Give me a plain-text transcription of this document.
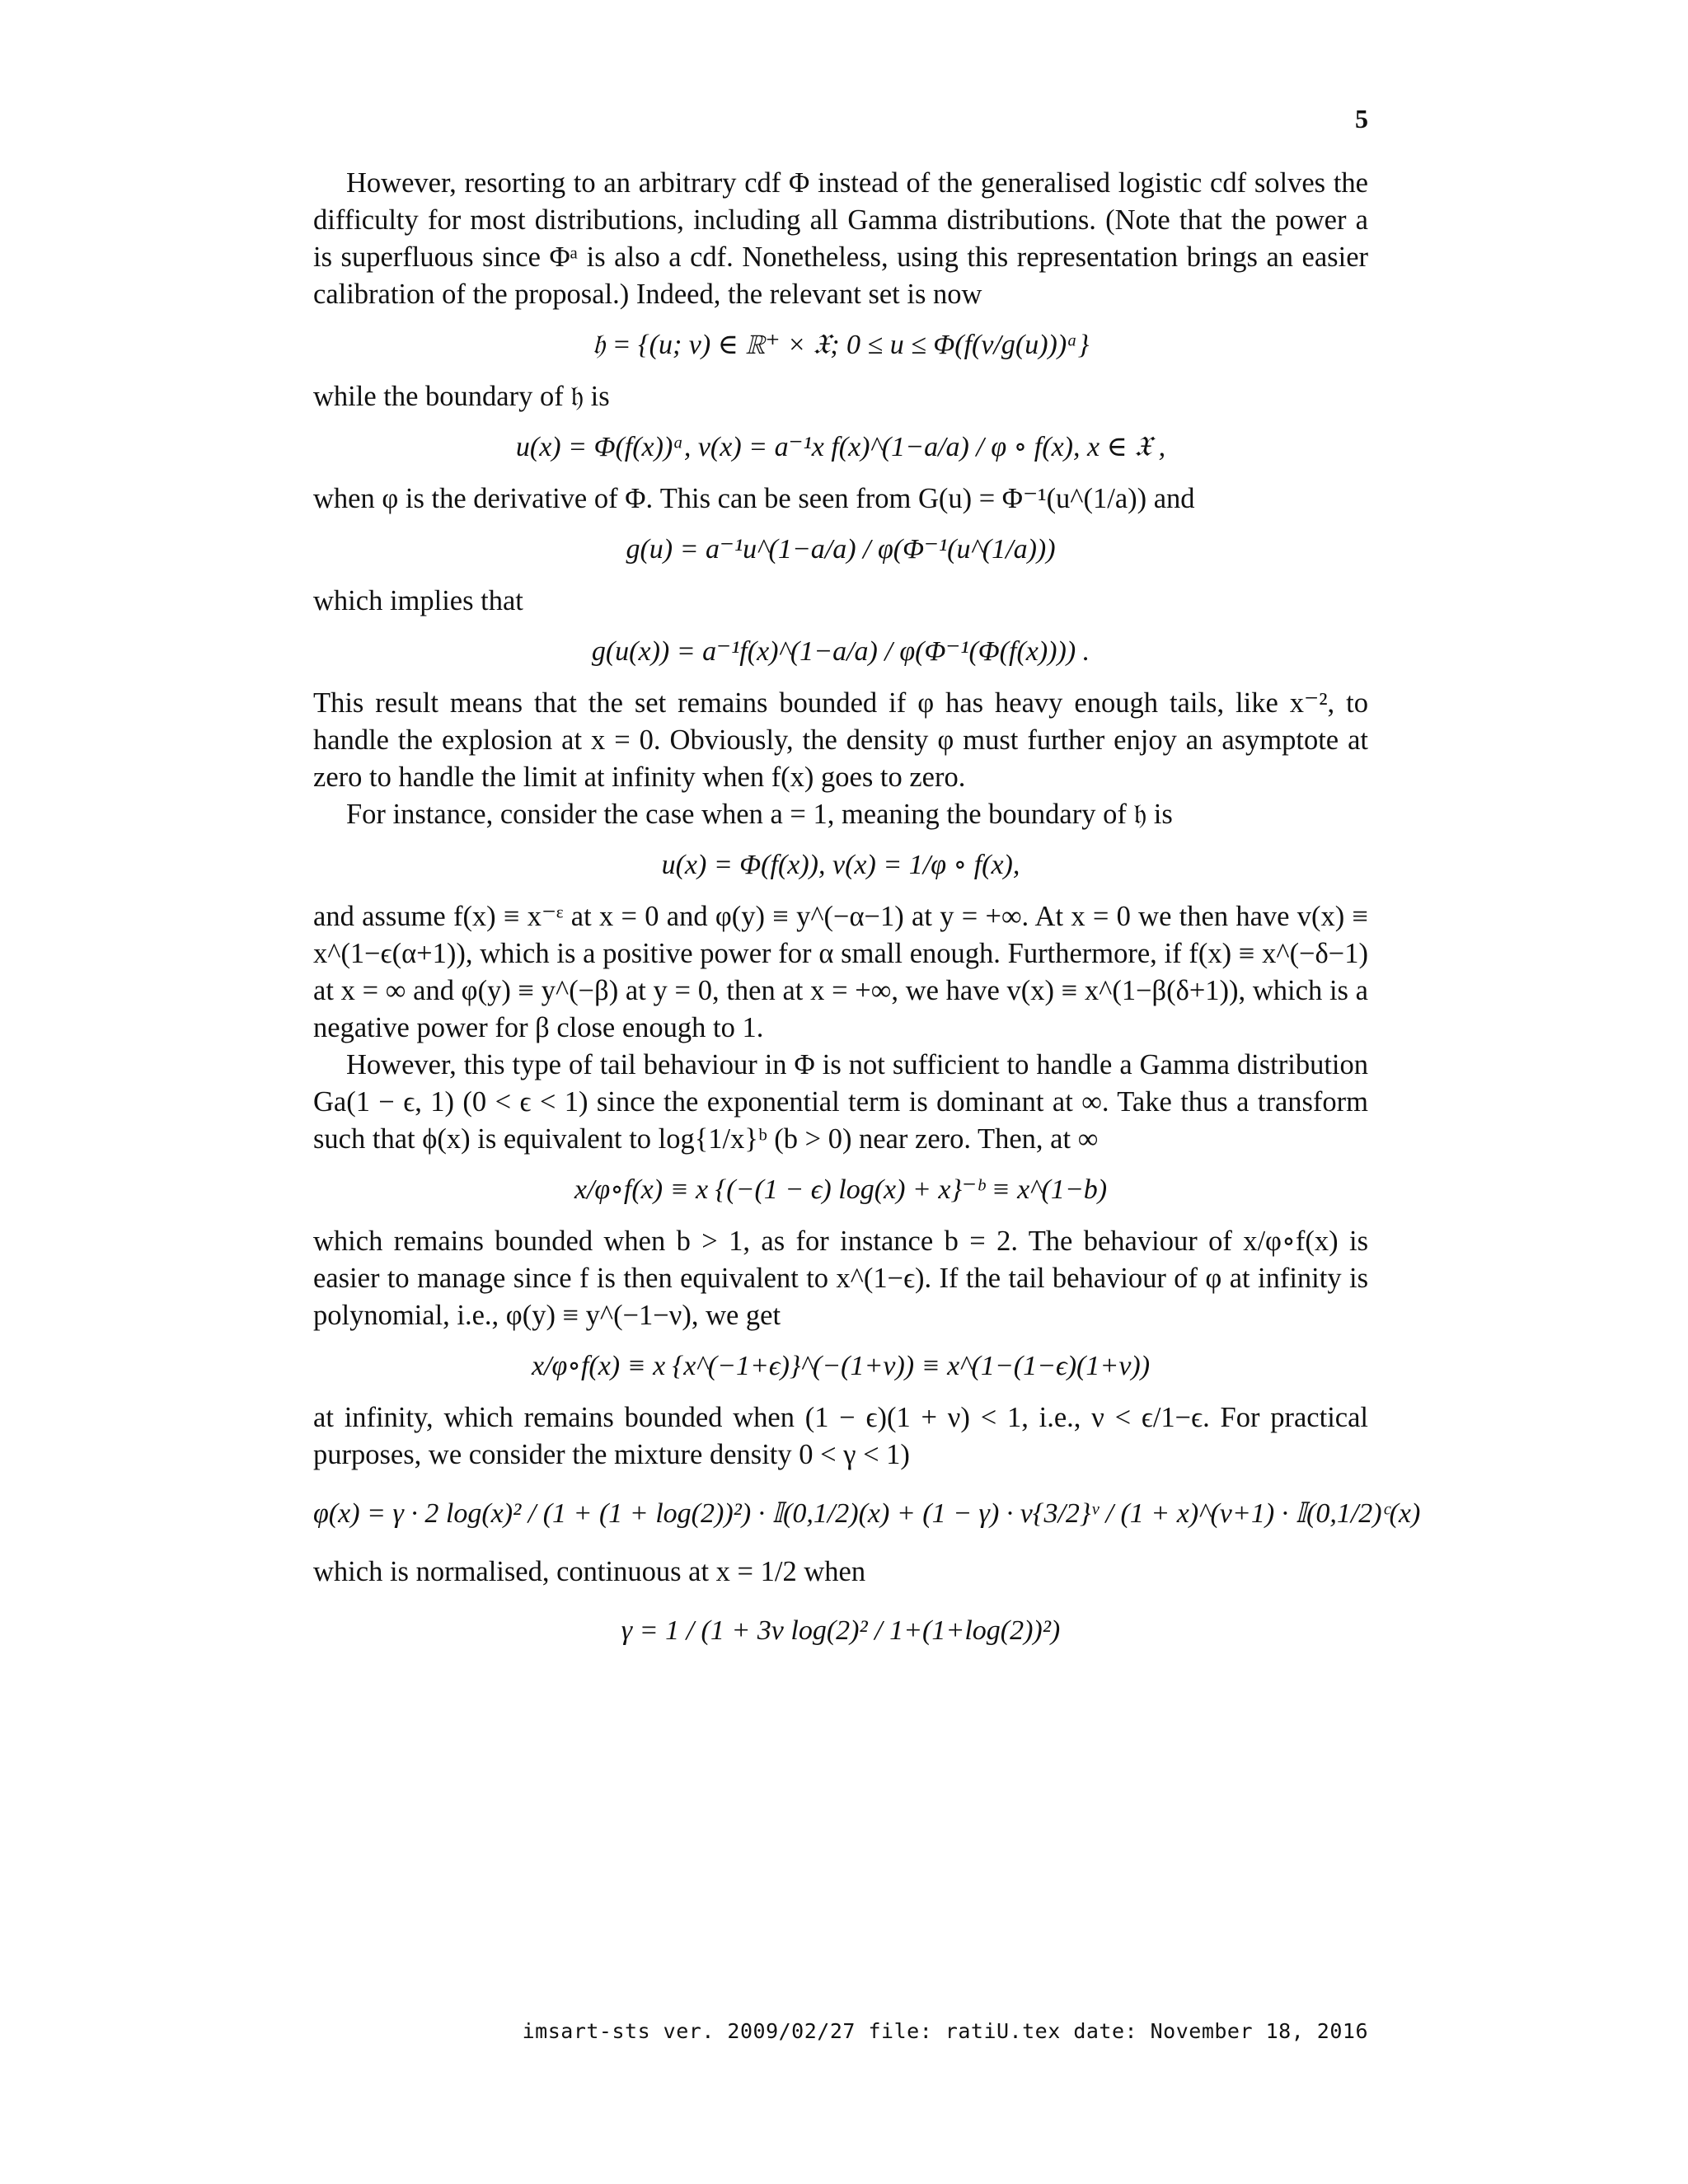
5

However, resorting to an arbitrary cdf Φ instead of the generalised logistic cdf solves the difficulty for most distributions, including all Gamma distributions. (Note that the power a is superfluous since Φᵃ is also a cdf. Nonetheless, using this representation brings an easier calibration of the proposal.) Indeed, the relevant set is now

𝔥 = {(u; v) ∈ ℝ⁺ × 𝔛; 0 ≤ u ≤ Φ(f(v/g(u)))ᵃ}

while the boundary of 𝔥 is

u(x) = Φ(f(x))ᵃ, v(x) = a⁻¹x f(x)^(1−a/a) / φ ∘ f(x), x ∈ 𝔛 ,

when φ is the derivative of Φ. This can be seen from G(u) = Φ⁻¹(u^(1/a)) and

g(u) = a⁻¹u^(1−a/a) / φ(Φ⁻¹(u^(1/a)))

which implies that

g(u(x)) = a⁻¹f(x)^(1−a/a) / φ(Φ⁻¹(Φ(f(x)))) .

This result means that the set remains bounded if φ has heavy enough tails, like x⁻², to handle the explosion at x = 0. Obviously, the density φ must further enjoy an asymptote at zero to handle the limit at infinity when f(x) goes to zero.

For instance, consider the case when a = 1, meaning the boundary of 𝔥 is

u(x) = Φ(f(x)), v(x) = 1/φ ∘ f(x),

and assume f(x) ≡ x⁻ᵋ at x = 0 and φ(y) ≡ y^(−α−1) at y = +∞. At x = 0 we then have v(x) ≡ x^(1−ϵ(α+1)), which is a positive power for α small enough. Furthermore, if f(x) ≡ x^(−δ−1) at x = ∞ and φ(y) ≡ y^(−β) at y = 0, then at x = +∞, we have v(x) ≡ x^(1−β(δ+1)), which is a negative power for β close enough to 1.

However, this type of tail behaviour in Φ is not sufficient to handle a Gamma distribution Ga(1 − ϵ, 1) (0 < ϵ < 1) since the exponential term is dominant at ∞. Take thus a transform such that ϕ(x) is equivalent to log{1/x}ᵇ (b > 0) near zero. Then, at ∞

x/φ∘f(x) ≡ x {(−(1 − ϵ) log(x) + x}⁻ᵇ ≡ x^(1−b)

which remains bounded when b > 1, as for instance b = 2. The behaviour of x/φ∘f(x) is easier to manage since f is then equivalent to x^(1−ϵ). If the tail behaviour of φ at infinity is polynomial, i.e., φ(y) ≡ y^(−1−ν), we get

x/φ∘f(x) ≡ x {x^(−1+ϵ)}^(−(1+ν)) ≡ x^(1−(1−ϵ)(1+ν))

at infinity, which remains bounded when (1 − ϵ)(1 + ν) < 1, i.e., ν < ϵ/1−ϵ. For practical purposes, we consider the mixture density 0 < γ < 1)

φ(x) = γ · 2 log(x)² / (1 + (1 + log(2))²) · 𝕀(0,1/2)(x) + (1 − γ) · ν{3/2}ᵛ / (1 + x)^(ν+1) · 𝕀(0,1/2)ᶜ(x)

which is normalised, continuous at x = 1/2 when

γ = 1 / (1 + 3ν log(2)² / 1+(1+log(2))²)
imsart-sts ver. 2009/02/27 file: ratiU.tex date: November 18, 2016
